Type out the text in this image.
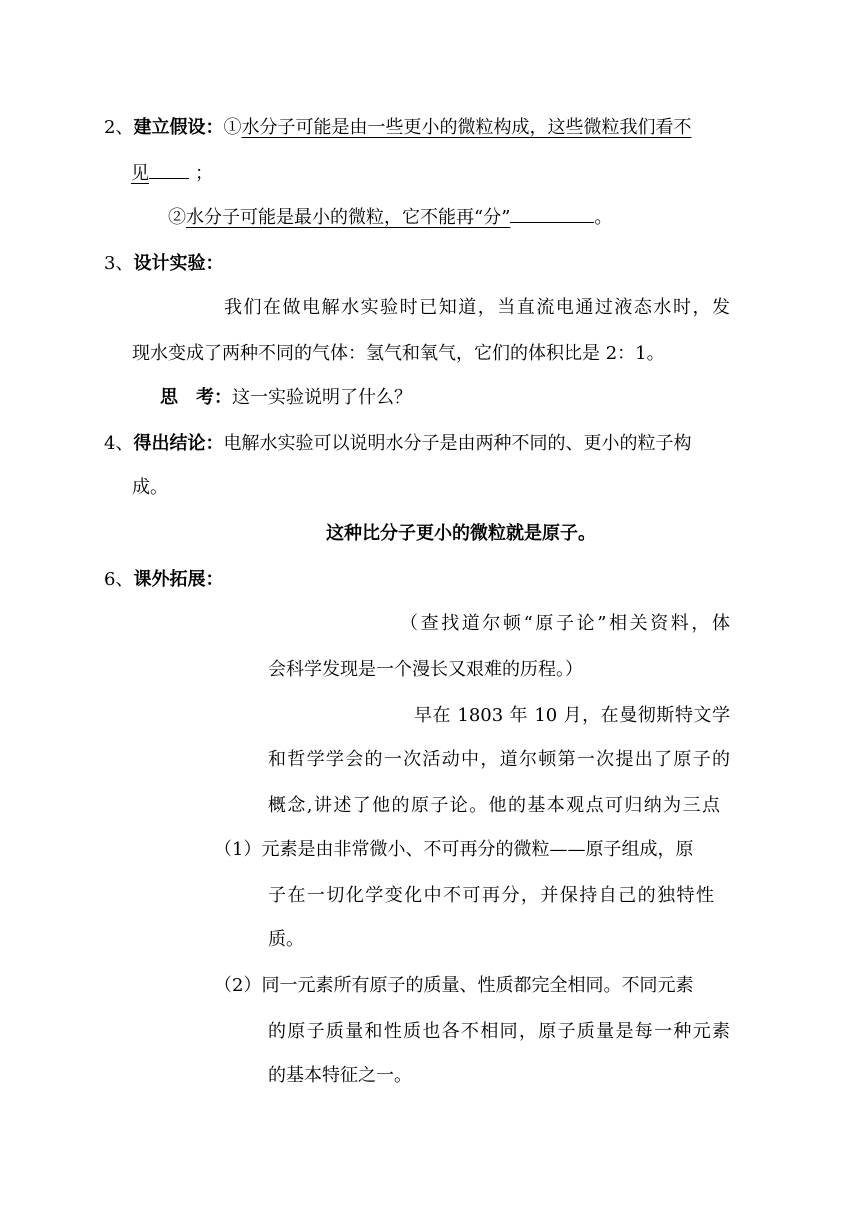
2、建立假设：①水分子可能是由一些更小的微粒构成，这些微粒我们看不
见	；
②水分子可能是最小的微粒，它不能再“分”	。
3、设计实验：
我们在做电解水实验时已知道，当直流电通过液态水时，发
现水变成了两种不同的气体：氢气和氧气，它们的体积比是 2：1。
思　考：这一实验说明了什么？
4、得出结论：电解水实验可以说明水分子是由两种不同的、更小的粒子构
成。
这种比分子更小的微粒就是原子。
6、课外拓展：
（查找道尔顿“原子论”相关资料，体
会科学发现是一个漫长又艰难的历程。）
早在 1803 年 10 月，在曼彻斯特文学
和哲学学会的一次活动中，道尔顿第一次提出了原子的
概念,讲述了他的原子论。他的基本观点可归纳为三点
（1）元素是由非常微小、不可再分的微粒——原子组成，原
子在一切化学变化中不可再分，并保持自己的独特性
质。
（2）同一元素所有原子的质量、性质都完全相同。不同元素
的原子质量和性质也各不相同，原子质量是每一种元素
的基本特征之一。
